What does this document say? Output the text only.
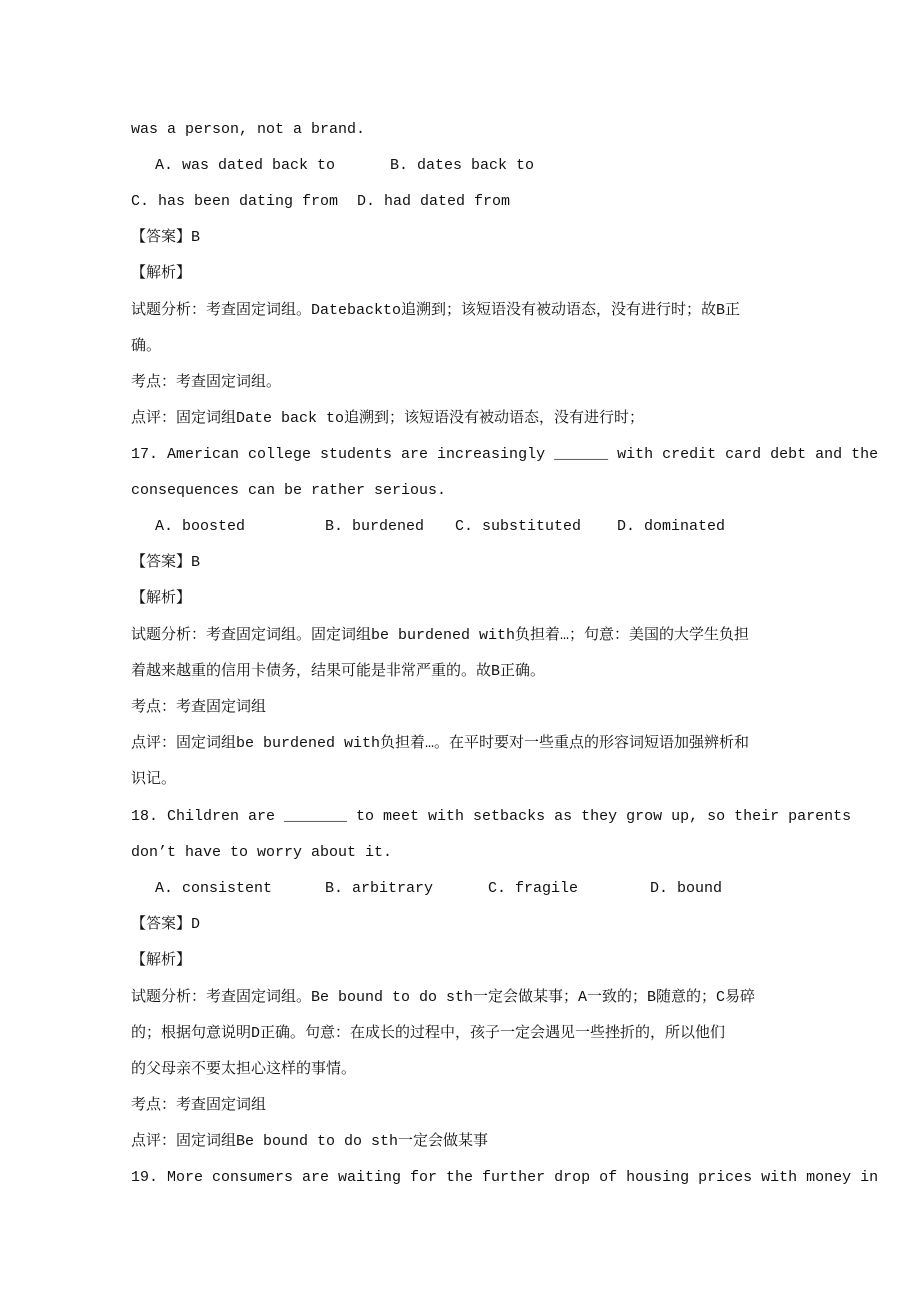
was a person, not a brand.
A. was dated back to	B. dates back to
C. has been dating from D. had dated from
【答案】B
【解析】
试题分析：考查固定词组。Datebackto追溯到；该短语没有被动语态，没有进行时；故B正
确。
考点：考查固定词组。
点评：固定词组Date back to追溯到；该短语没有被动语态，没有进行时；
17. American college students are increasingly ______ with credit card debt and the
consequences can be rather serious.
A. boosted	B. burdened C. substituted D. dominated
【答案】B
【解析】
试题分析：考查固定词组。固定词组be burdened with负担着…；句意：美国的大学生负担
着越来越重的信用卡债务，结果可能是非常严重的。故B正确。
考点：考查固定词组
点评：固定词组be burdened with负担着…。在平时要对一些重点的形容词短语加强辨析和
识记。
18. Children are _______ to meet with setbacks as they grow up, so their parents
don’t have to worry about it.
A. consistent	B. arbitrary	C. fragile	D. bound
【答案】D
【解析】
试题分析：考查固定词组。Be bound to do sth一定会做某事；A一致的；B随意的；C易碎
的；根据句意说明D正确。句意：在成长的过程中，孩子一定会遇见一些挫折的，所以他们
的父母亲不要太担心这样的事情。
考点：考查固定词组
点评：固定词组Be bound to do sth一定会做某事
19. More consumers are waiting for the further drop of housing prices with money in
